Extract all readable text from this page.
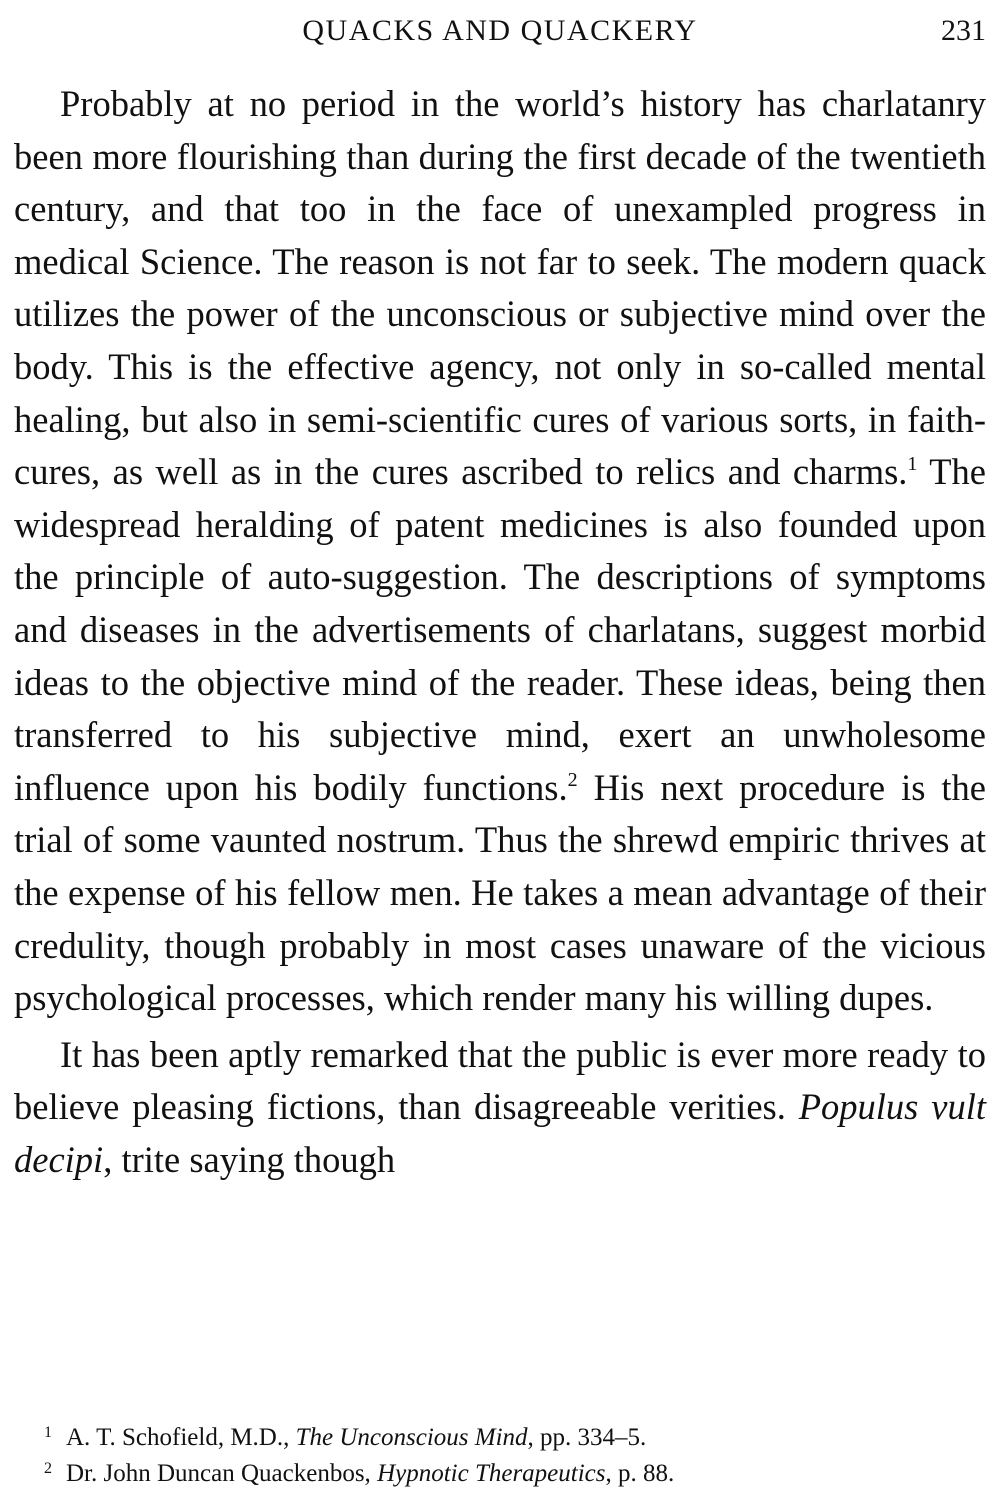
QUACKS AND QUACKERY	231

Probably at no period in the world’s history has charlatanry been more flourishing than during the first decade of the twentieth century, and that too in the face of unexampled progress in medical Science. The reason is not far to seek. The modern quack utilizes the power of the unconscious or subjective mind over the body. This is the effective agency, not only in so-called mental healing, but also in semi-scientific cures of various sorts, in faith-cures, as well as in the cures ascribed to relics and charms.$^1$ The widespread heralding of patent medicines is also founded upon the principle of auto-suggestion. The descriptions of symptoms and diseases in the advertisements of charlatans, suggest morbid ideas to the objective mind of the reader. These ideas, being then transferred to his subjective mind, exert an unwholesome influence upon his bodily functions.$^2$ His next procedure is the trial of some vaunted nostrum. Thus the shrewd empiric thrives at the expense of his fellow men. He takes a mean advantage of their credulity, though probably in most cases unaware of the vicious psychological processes, which render many his willing dupes.

It has been aptly remarked that the public is ever more ready to believe pleasing fictions, than disagreeable verities. Populus vult decipi, trite saying though

$^1$ A. T. Schofield, M.D., The Unconscious Mind, pp. 334–5.

$^2$ Dr. John Duncan Quackenbos, Hypnotic Therapeutics, p. 88.
